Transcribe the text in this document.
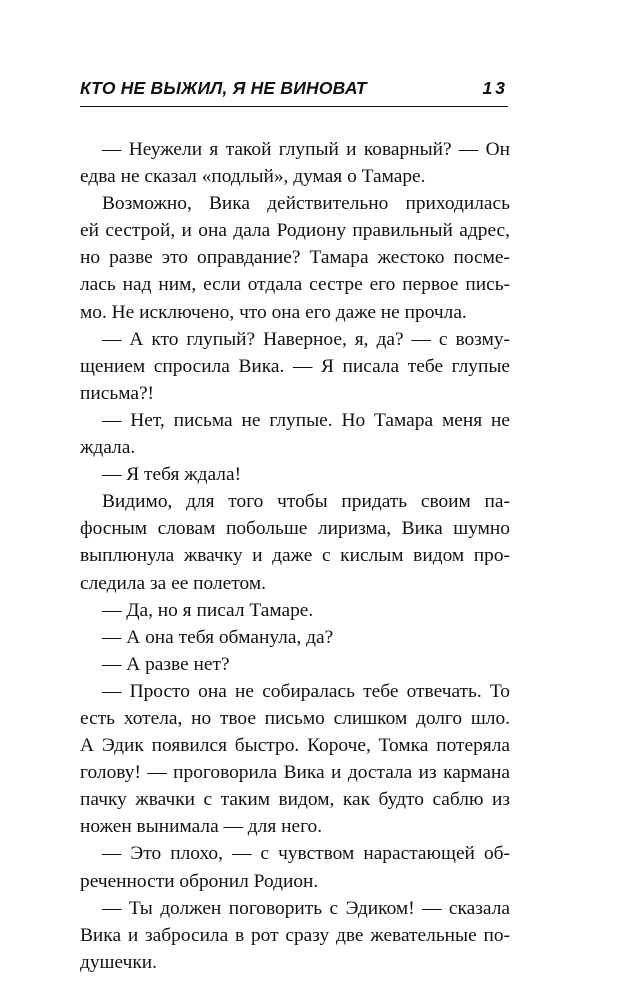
КТО НЕ ВЫЖИЛ, Я НЕ ВИНОВАТ	13
— Неужели я такой глупый и коварный? — Он
едва не сказал «подлый», думая о Тамаре.
Возможно, Вика действительно приходилась
ей сестрой, и она дала Родиону правильный адрес,
но разве это оправдание? Тамара жестоко посме-
лась над ним, если отдала сестре его первое пись-
мо. Не исключено, что она его даже не прочла.
— А кто глупый? Наверное, я, да? — с возму-
щением спросила Вика. — Я писала тебе глупые
письма?!
— Нет, письма не глупые. Но Тамара меня не
ждала.
— Я тебя ждала!
Видимо, для того чтобы придать своим па-
фосным словам побольше лиризма, Вика шумно
выплюнула жвачку и даже с кислым видом про-
следила за ее полетом.
— Да, но я писал Тамаре.
— А она тебя обманула, да?
— А разве нет?
— Просто она не собиралась тебе отвечать. То
есть хотела, но твое письмо слишком долго шло.
А Эдик появился быстро. Короче, Томка потеряла
голову! — проговорила Вика и достала из кармана
пачку жвачки с таким видом, как будто саблю из
ножен вынимала — для него.
— Это плохо, — с чувством нарастающей об-
реченности обронил Родион.
— Ты должен поговорить с Эдиком! — сказала
Вика и забросила в рот сразу две жевательные по-
душечки.
